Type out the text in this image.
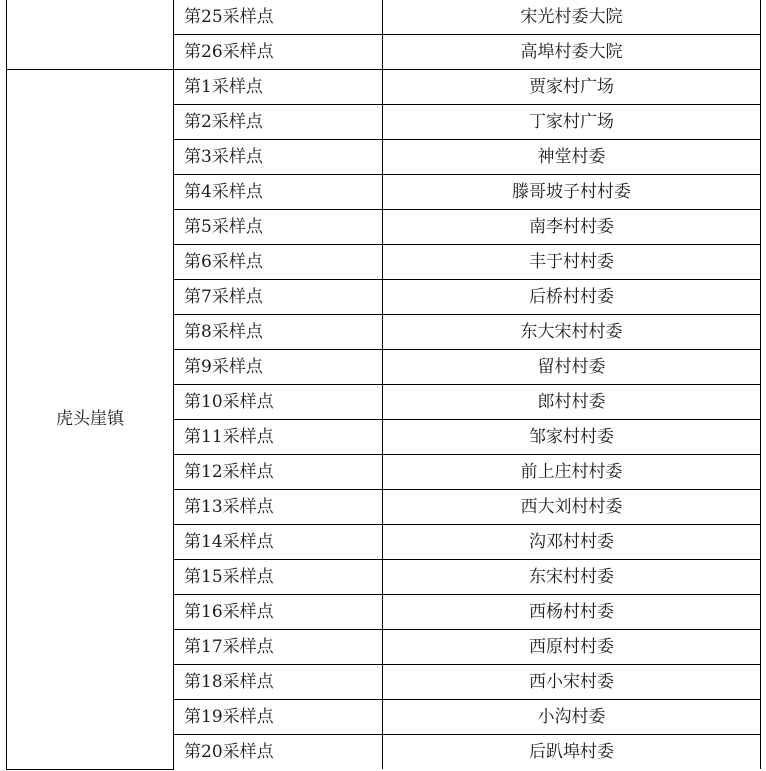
	第25采样点	宋光村委大院
	第26采样点	高埠村委大院
虎头崖镇	第1采样点	贾家村广场
	第2采样点	丁家村广场
	第3采样点	神堂村委
	第4采样点	滕哥坡子村村委
	第5采样点	南李村村委
	第6采样点	丰于村村委
	第7采样点	后桥村村委
	第8采样点	东大宋村村委
	第9采样点	留村村委
	第10采样点	郎村村委
	第11采样点	邹家村村委
	第12采样点	前上庄村村委
	第13采样点	西大刘村村委
	第14采样点	沟邓村村委
	第15采样点	东宋村村委
	第16采样点	西杨村村委
	第17采样点	西原村村委
	第18采样点	西小宋村委
	第19采样点	小沟村委
	第20采样点	后趴埠村委
